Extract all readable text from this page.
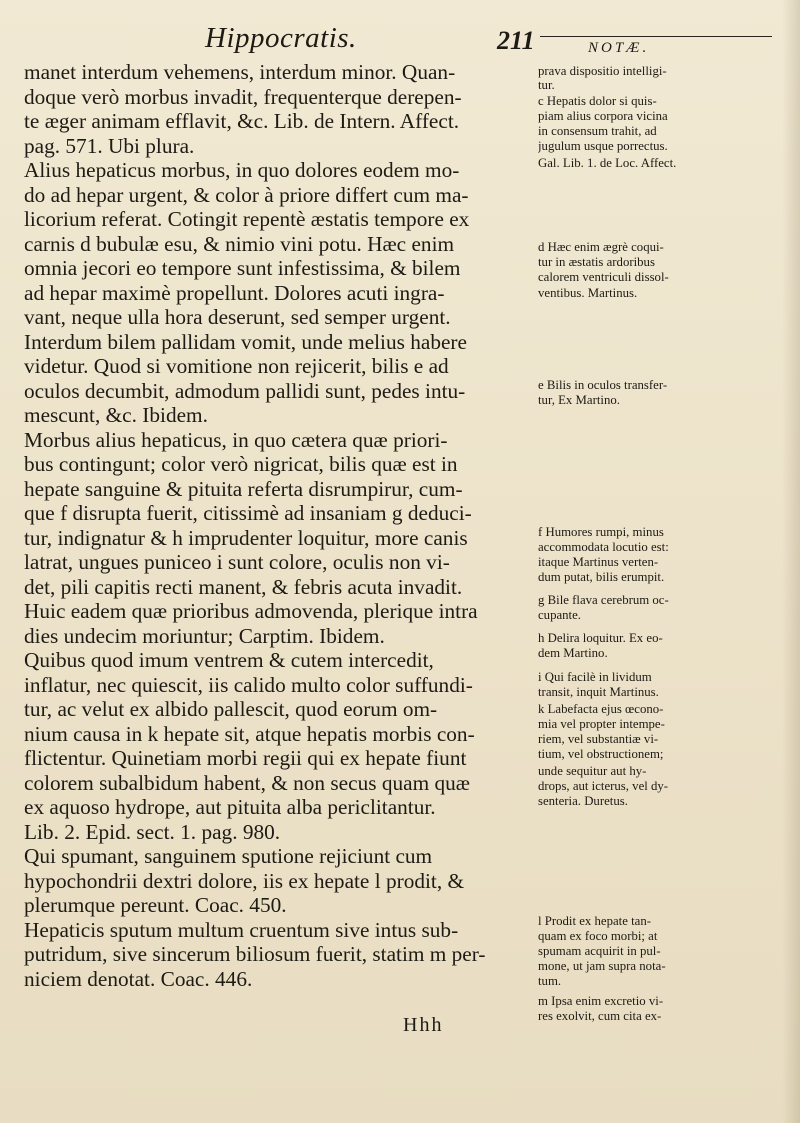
Hippocratis.	211	NOTÆ.
manet interdum vehemens, interdum minor. Quan-
doque verò morbus invadit, frequenterque derepen-
te æger animam efflavit, &c. Lib. de Intern. Affect.
pag. 571. Ubi plura.
Alius hepaticus morbus, in quo dolores eodem mo-
do ad hepar urgent, & color à priore differt cum ma-
licorium referat. Cotingit repentè æstatis tempore ex
carnis d bubulæ esu, & nimio vini potu. Hæc enim
omnia jecori eo tempore sunt infestissima, & bilem
ad hepar maximè propellunt. Dolores acuti ingra-
vant, neque ulla hora deserunt, sed semper urgent.
Interdum bilem pallidam vomit, unde melius habere
videtur. Quod si vomitione non rejicerit, bilis e ad
oculos decumbit, admodum pallidi sunt, pedes intu-
mescunt, &c. Ibidem.
Morbus alius hepaticus, in quo cætera quæ priori-
bus contingunt; color verò nigricat, bilis quæ est in
hepate sanguine & pituita referta disrumpirur, cum-
que f disrupta fuerit, citissimè ad insaniam g deduci-
tur, indignatur & h imprudenter loquitur, more canis
latrat, ungues puniceo i sunt colore, oculis non vi-
det, pili capitis recti manent, & febris acuta invadit.
Huic eadem quæ prioribus admovenda, plerique intra
dies undecim moriuntur; Carptim. Ibidem.
Quibus quod imum ventrem & cutem intercedit,
inflatur, nec quiescit, iis calido multo color suffundi-
tur, ac velut ex albido pallescit, quod eorum om-
nium causa in k hepate sit, atque hepatis morbis con-
flictentur. Quinetiam morbi regii qui ex hepate fiunt
colorem subalbidum habent, & non secus quam quæ
ex aquoso hydrope, aut pituita alba periclitantur.
Lib. 2. Epid. sect. 1. pag. 980.
Qui spumant, sanguinem sputione rejiciunt cum
hypochondrii dextri dolore, iis ex hepate l prodit, &
plerumque pereunt. Coac. 450.
Hepaticis sputum multum cruentum sive intus sub-
putridum, sive sincerum biliosum fuerit, statim m per-
niciem denotat. Coac. 446.
prava dispositio intelligi-
tur.
c Hepatis dolor si quis-
piam alius corpora vicina
in consensum trahit, ad
jugulum usque porrectus.
Gal. Lib. 1. de Loc. Affect.
d Hæc enim ægrè coqui-
tur in æstatis ardoribus
calorem ventriculi dissol-
ventibus. Martinus.
e Bilis in oculos transfer-
tur, Ex Martino.
f Humores rumpi, minus
accommodata locutio est:
itaque Martinus verten-
dum putat, bilis erumpit.
g Bile flava cerebrum oc-
cupante.
h Delira loquitur. Ex eo-
dem Martino.
i Qui facilè in lividum
transit, inquit Martinus.
k Labefacta ejus œcono-
mia vel propter intempe-
riem, vel substantiæ vi-
tium, vel obstructionem;
unde sequitur aut hy-
drops, aut icterus, vel dy-
senteria. Duretus.
l Prodit ex hepate tan-
quam ex foco morbi; at
spumam acquirit in pul-
mone, ut jam supra nota-
tum.
m Ipsa enim excretio vi-
res exolvit, cum cita ex-
Hhh
